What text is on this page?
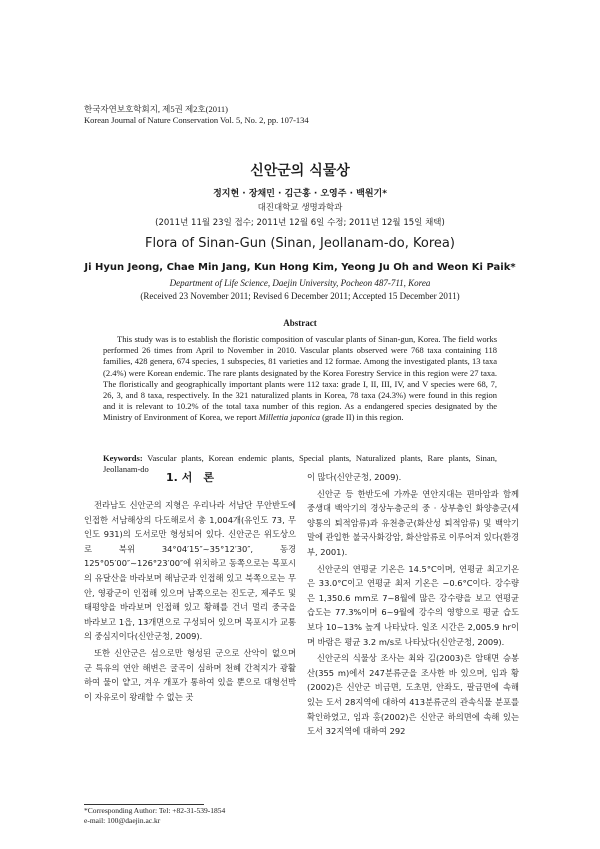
한국자연보호학회지, 제5권 제2호(2011)
Korean Journal of Nature Conservation Vol. 5, No. 2, pp. 107-134
신안군의 식물상
정지현 · 장채민 · 김근홍 · 오영주 · 백원기*
대진대학교 생명과학과
(2011년 11월 23일 접수; 2011년 12월 6일 수정; 2011년 12월 15일 채택)
Flora of Sinan-Gun (Sinan, Jeollanam-do, Korea)
Ji Hyun Jeong, Chae Min Jang, Kun Hong Kim, Yeong Ju Oh and Weon Ki Paik*
Department of Life Science, Daejin University, Pocheon 487-711, Korea
(Received 23 November 2011; Revised 6 December 2011; Accepted 15 December 2011)
Abstract

This study was is to establish the floristic composition of vascular plants of Sinan-gun, Korea. The field works performed 26 times from April to November in 2010. Vascular plants observed were 768 taxa containing 118 families, 428 genera, 674 species, 1 subspecies, 81 varieties and 12 formae. Among the investigated plants, 13 taxa (2.4%) were Korean endemic. The rare plants designated by the Korea Forestry Service in this region were 27 taxa. The floristically and geographically important plants were 112 taxa: grade I, II, III, IV, and V species were 68, 7, 26, 3, and 8 taxa, respectively. In the 321 naturalized plants in Korea, 78 taxa (24.3%) were found in this region and it is relevant to 10.2% of the total taxa number of this region. As a endangered species designated by the Ministry of Environment of Korea, we report Millettia japonica (grade II) in this region.

Keywords: Vascular plants, Korean endemic plants, Special plants, Naturalized plants, Rare plants, Sinan, Jeollanam-do

1. 서　론

전라남도 신안군의 지형은 우리나라 서남단 무안반도에 인접한 서남해상의 다도해로서 총 1,004개(유인도 73, 무인도 931)의 도서로만 형성되어 있다. 신안군은 위도상으로 북위 34°04′15″~35°12′30″, 동경 125°05′00″~126°23′00″에 위치하고 동쪽으로는 목포시의 유달산을 바라보며 해남군과 인접해 있고 북쪽으로는 무안, 영광군이 인접해 있으며 남쪽으로는 진도군, 제주도 및 태평양을 바라보며 인접해 있고 황해를 건너 멀리 중국을 바라보고 1읍, 13개면으로 구성되어 있으며 목포시가 교통의 중심지이다(신안군청, 2009).

또한 신안군은 섬으로만 형성된 군으로 산악이 없으며 군 특유의 연안 해변은 굴곡이 심하며 천혜 간척지가 광활하여 물이 얕고, 겨우 개포가 통하여 있을 뿐으로 대형선박이 자유로이 왕래할 수 없는 곳

이 많다(신안군청, 2009).

신안군 등 한반도에 가까운 연안지대는 편마암과 함께 중생대 백악기의 경상누층군의 중 · 상부층인 화양층군(세양통의 퇴적암류)과 유천층군(화산성 퇴적암류) 및 백악기 말에 관입한 불국사화강암, 화산암류로 이루어져 있다(환경부, 2001).

신안군의 연평균 기온은 14.5°C이며, 연평균 최고기온은 33.0°C이고 연평균 최저 기온은 −0.6°C이다. 강수량은 1,350.6 mm로 7~8월에 많은 강수량을 보고 연평균습도는 77.3%이며 6~9월에 강수의 영향으로 평균 습도 보다 10~13% 높게 나타났다. 일조 시간은 2,005.9 hr이며 바람은 평균 3.2 m/s로 나타났다(신안군청, 2009).

신안군의 식물상 조사는 최와 김(2003)은 암태면 승봉산(355 m)에서 247분류군을 조사한 바 있으며, 임과 황(2002)은 신안군 비금면, 도초면, 안좌도, 팔금면에 속해 있는 도서 28지역에 대하여 413분류군의 관속식물 분포를 확인하였고, 임과 홍(2002)은 신안군 하의면에 속해 있는 도서 32지역에 대하여 292

*Corresponding Author: Tel: +82-31-539-1854
e-mail: 100@daejin.ac.kr
